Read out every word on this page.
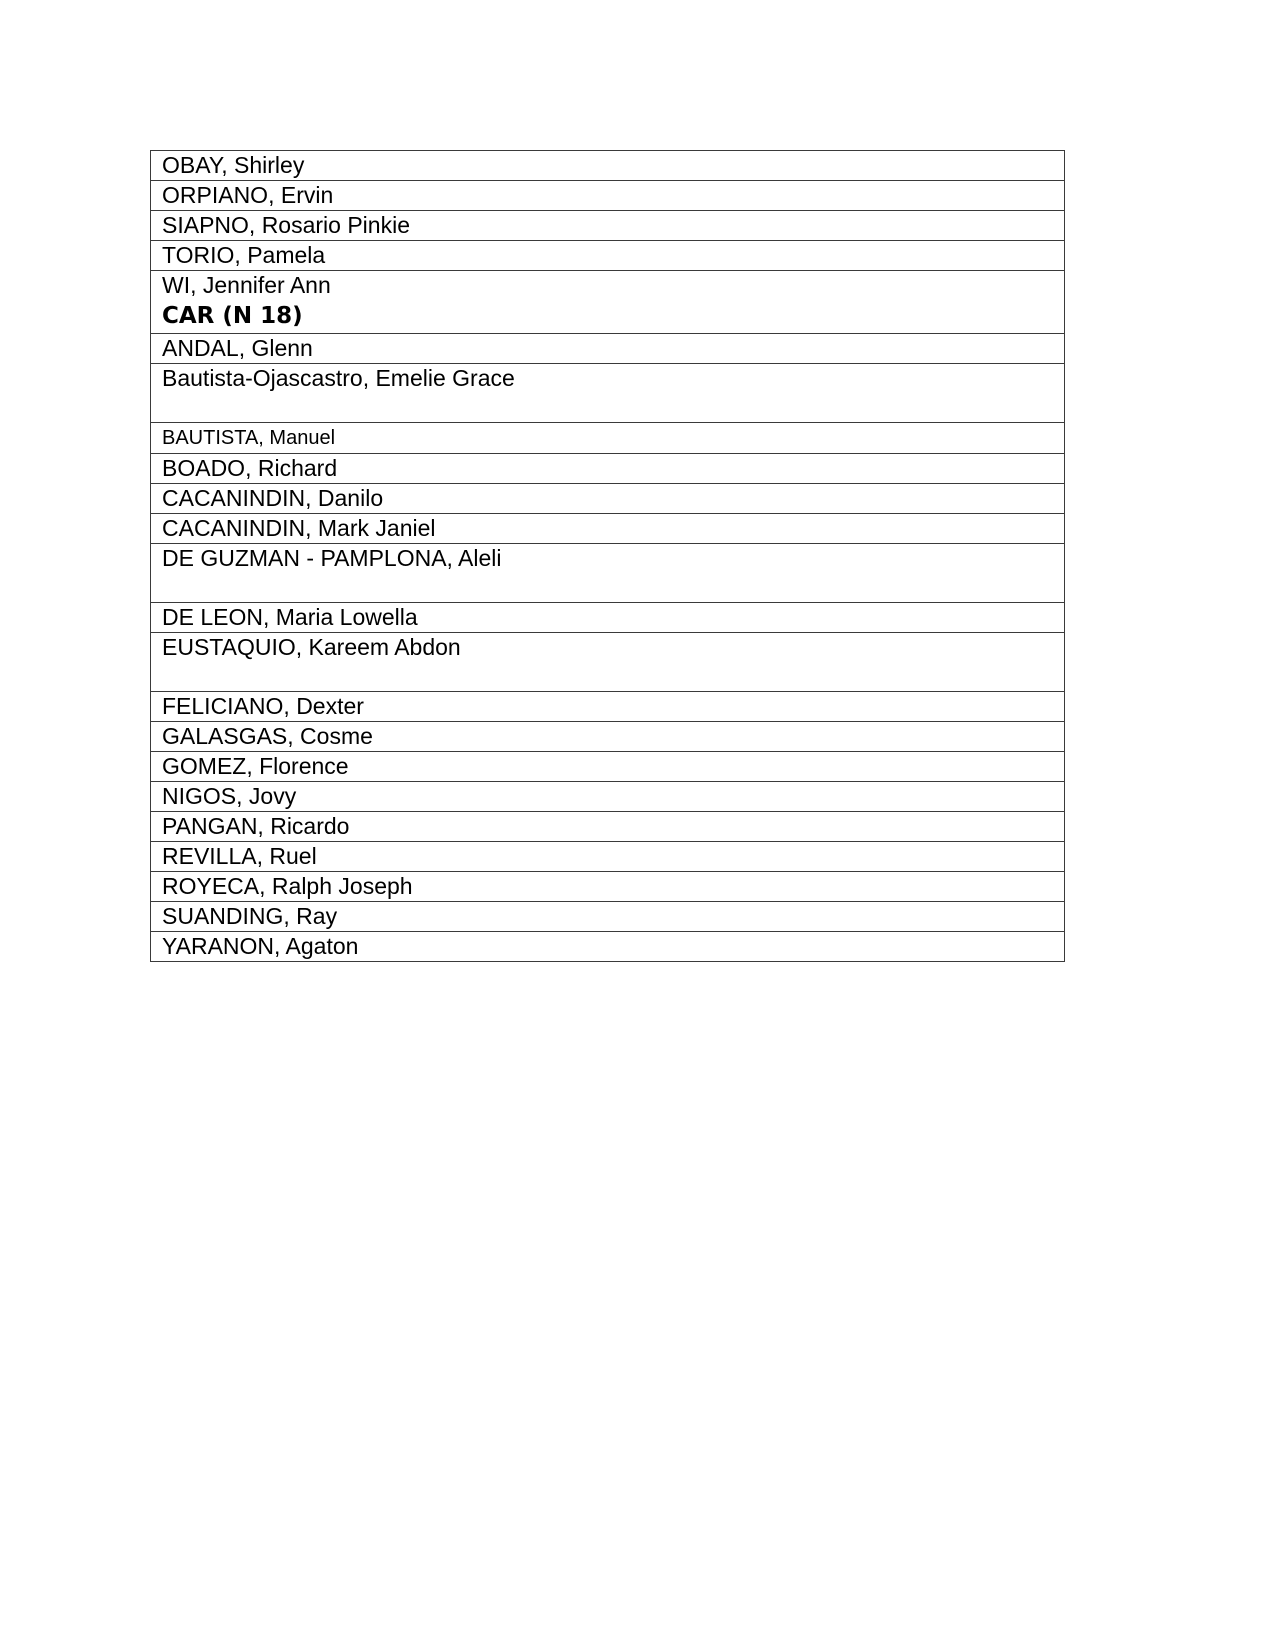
OBAY, Shirley

ORPIANO, Ervin

SIAPNO, Rosario Pinkie

TORIO, Pamela

WI, Jennifer Ann
CAR (N 18)

ANDAL, Glenn

Bautista-Ojascastro, Emelie Grace

BAUTISTA, Manuel

BOADO, Richard

CACANINDIN, Danilo

CACANINDIN, Mark Janiel

DE GUZMAN - PAMPLONA, Aleli

DE LEON, Maria Lowella

EUSTAQUIO, Kareem Abdon

FELICIANO, Dexter

GALASGAS, Cosme

GOMEZ, Florence

NIGOS, Jovy

PANGAN, Ricardo

REVILLA, Ruel

ROYECA, Ralph Joseph

SUANDING, Ray

YARANON, Agaton
